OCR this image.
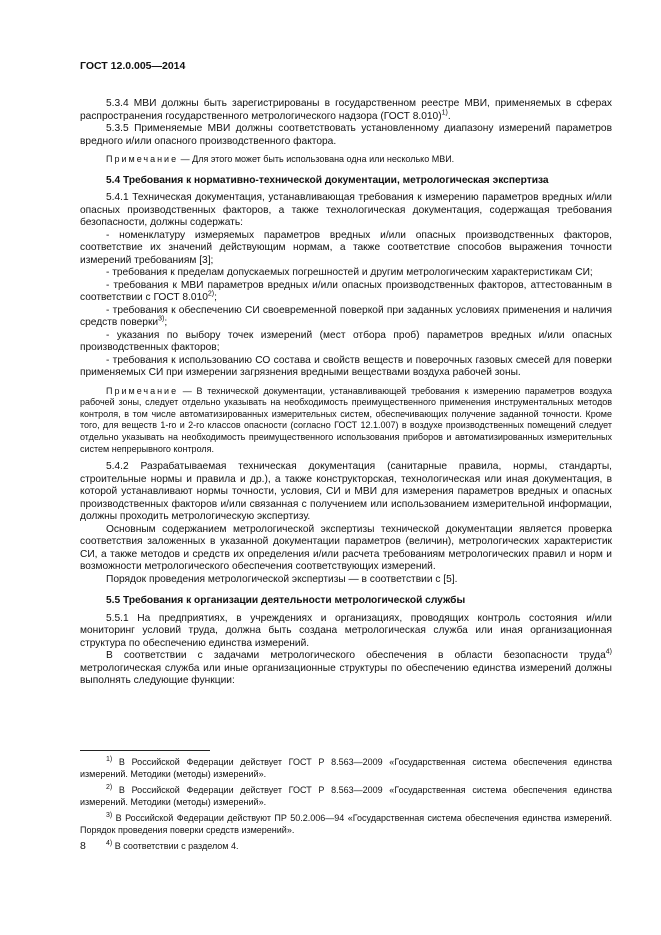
ГОСТ 12.0.005—2014

5.3.4 МВИ должны быть зарегистрированы в государственном реестре МВИ, применяемых в сферах распространения государственного метрологического надзора (ГОСТ 8.010)$^{1)}$.

5.3.5 Применяемые МВИ должны соответствовать установленному диапазону измерений параметров вредного и/или опасного производственного фактора.

Примечание — Для этого может быть использована одна или несколько МВИ.

5.4 Требования к нормативно-технической документации, метрологическая экспертиза

5.4.1 Техническая документация, устанавливающая требования к измерению параметров вредных и/или опасных производственных факторов, а также технологическая документация, содержащая требования безопасности, должны содержать:

- номенклатуру измеряемых параметров вредных и/или опасных производственных факторов, соответствие их значений действующим нормам, а также соответствие способов выражения точности измерений требованиям [3];

- требования к пределам допускаемых погрешностей и другим метрологическим характеристикам СИ;

- требования к МВИ параметров вредных и/или опасных производственных факторов, аттестованным в соответствии с ГОСТ 8.010$^{2)}$;

- требования к обеспечению СИ своевременной поверкой при заданных условиях применения и наличия средств поверки$^{3)}$;

- указания по выбору точек измерений (мест отбора проб) параметров вредных и/или опасных производственных факторов;

- требования к использованию СО состава и свойств веществ и поверочных газовых смесей для поверки применяемых СИ при измерении загрязнения вредными веществами воздуха рабочей зоны.

Примечание — В технической документации, устанавливающей требования к измерению параметров воздуха рабочей зоны, следует отдельно указывать на необходимость преимущественного применения инструментальных методов контроля, в том числе автоматизированных измерительных систем, обеспечивающих получение заданной точности. Кроме того, для веществ 1-го и 2-го классов опасности (согласно ГОСТ 12.1.007) в воздухе производственных помещений следует отдельно указывать на необходимость преимущественного использования приборов и автоматизированных измерительных систем непрерывного контроля.

5.4.2 Разрабатываемая техническая документация (санитарные правила, нормы, стандарты, строительные нормы и правила и др.), а также конструкторская, технологическая или иная документация, в которой устанавливают нормы точности, условия, СИ и МВИ для измерения параметров вредных и опасных производственных факторов и/или связанная с получением или использованием измерительной информации, должны проходить метрологическую экспертизу.

Основным содержанием метрологической экспертизы технической документации является проверка соответствия заложенных в указанной документации параметров (величин), метрологических характеристик СИ, а также методов и средств их определения и/или расчета требованиям метрологических правил и норм и возможности метрологического обеспечения соответствующих измерений.

Порядок проведения метрологической экспертизы — в соответствии с [5].

5.5 Требования к организации деятельности метрологической службы

5.5.1 На предприятиях, в учреждениях и организациях, проводящих контроль состояния и/или мониторинг условий труда, должна быть создана метрологическая служба или иная организационная структура по обеспечению единства измерений.

В соответствии с задачами метрологического обеспечения в области безопасности труда$^{4)}$ метрологическая служба или иные организационные структуры по обеспечению единства измерений должны выполнять следующие функции:

$^{1)}$ В Российской Федерации действует ГОСТ Р 8.563—2009 «Государственная система обеспечения единства измерений. Методики (методы) измерений».

$^{2)}$ В Российской Федерации действует ГОСТ Р 8.563—2009 «Государственная система обеспечения единства измерений. Методики (методы) измерений».

$^{3)}$ В Российской Федерации действуют ПР 50.2.006—94 «Государственная система обеспечения единства измерений. Порядок проведения поверки средств измерений».

$^{4)}$ В соответствии с разделом 4.

8
